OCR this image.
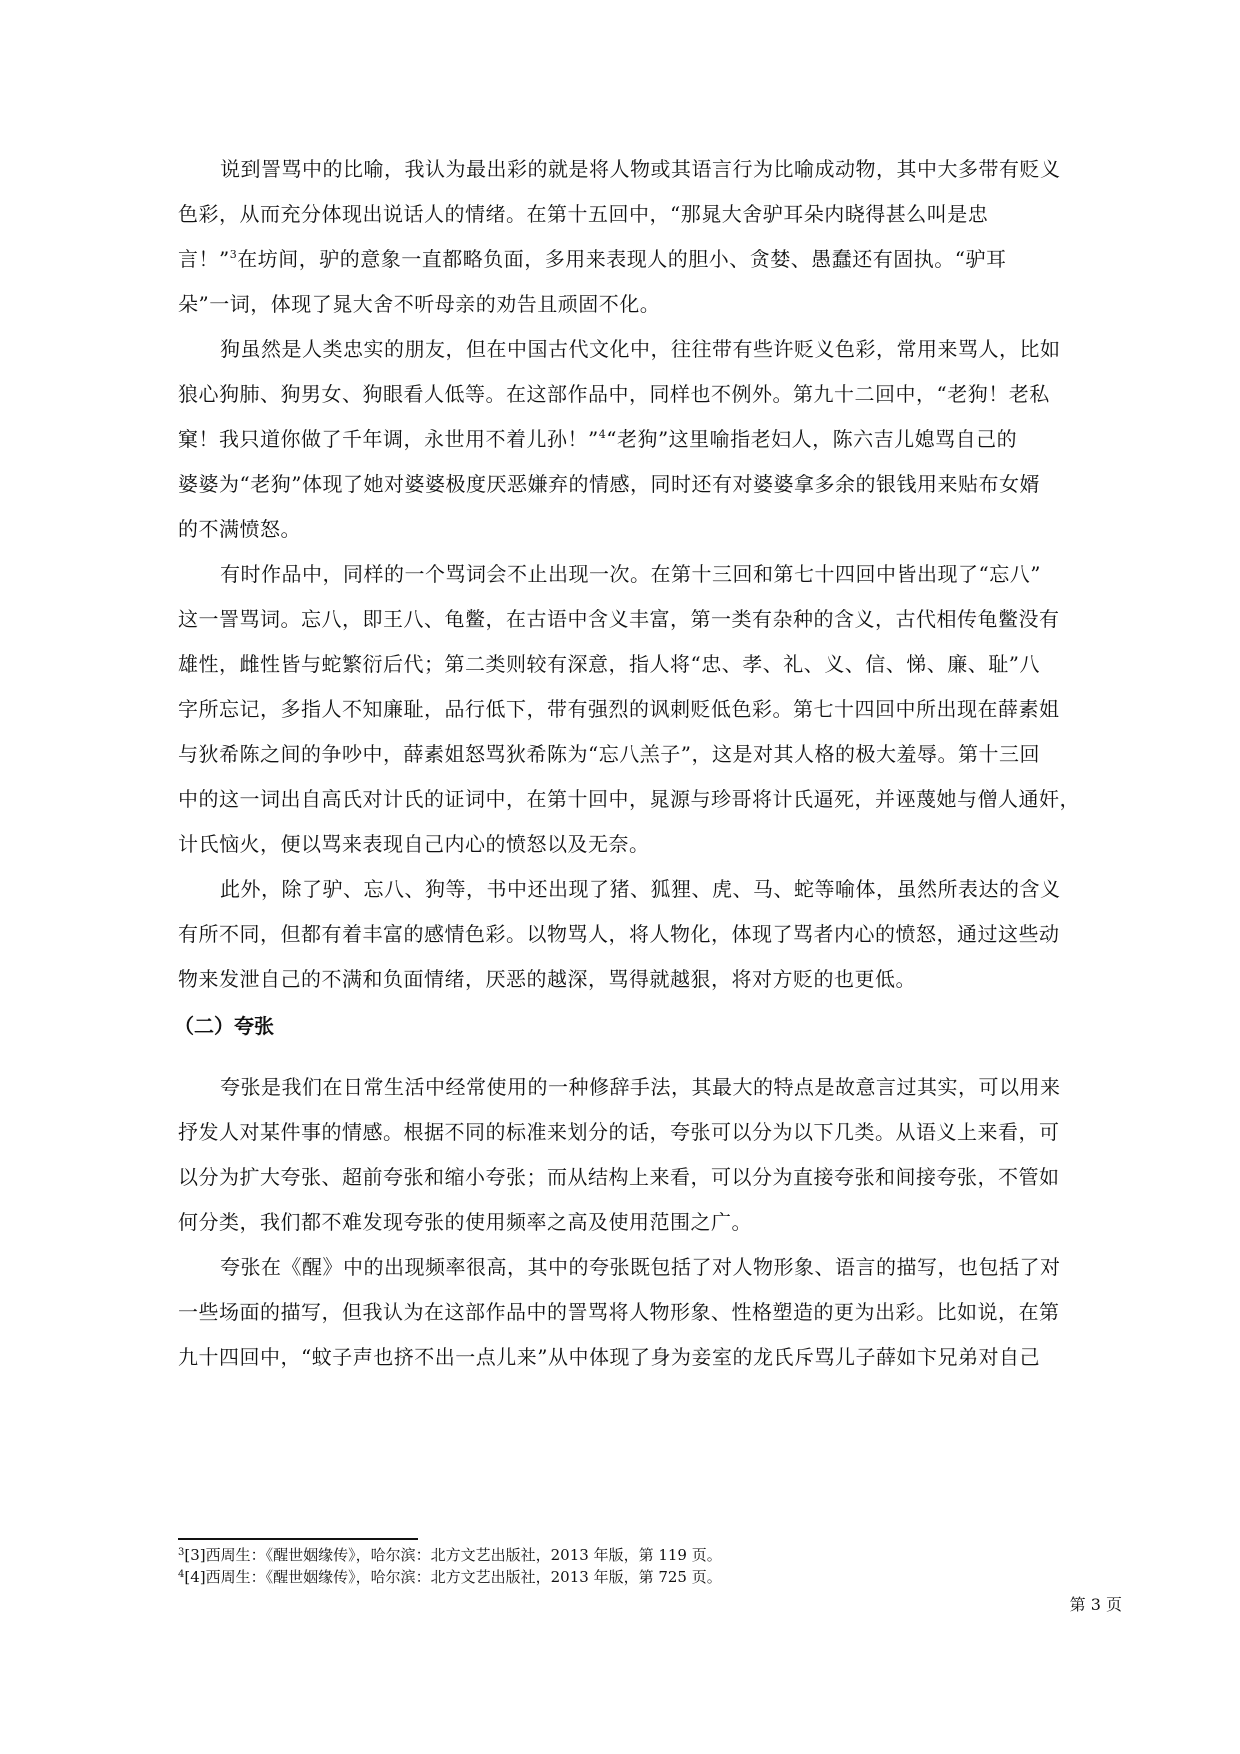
说到詈骂中的比喻，我认为最出彩的就是将人物或其语言行为比喻成动物，其中大多带有贬义
色彩，从而充分体现出说话人的情绪。在第十五回中，“那晁大舍驴耳朵内晓得甚么叫是忠
言！”$^3$在坊间，驴的意象一直都略负面，多用来表现人的胆小、贪婪、愚蠢还有固执。“驴耳
朵”一词，体现了晁大舍不听母亲的劝告且顽固不化。

狗虽然是人类忠实的朋友，但在中国古代文化中，往往带有些许贬义色彩，常用来骂人，比如
狼心狗肺、狗男女、狗眼看人低等。在这部作品中，同样也不例外。第九十二回中，“老狗！老私
窠！我只道你做了千年调，永世用不着儿孙！”$^4$“老狗”这里喻指老妇人，陈六吉儿媳骂自己的
婆婆为“老狗”体现了她对婆婆极度厌恶嫌弃的情感，同时还有对婆婆拿多余的银钱用来贴布女婿
的不满愤怒。

有时作品中，同样的一个骂词会不止出现一次。在第十三回和第七十四回中皆出现了“忘八”
这一詈骂词。忘八，即王八、龟鳖，在古语中含义丰富，第一类有杂种的含义，古代相传龟鳖没有
雄性，雌性皆与蛇繁衍后代；第二类则较有深意，指人将“忠、孝、礼、义、信、悌、廉、耻”八
字所忘记，多指人不知廉耻，品行低下，带有强烈的讽刺贬低色彩。第七十四回中所出现在薛素姐
与狄希陈之间的争吵中，薛素姐怒骂狄希陈为“忘八羔子”，这是对其人格的极大羞辱。第十三回
中的这一词出自高氏对计氏的证词中，在第十回中，晁源与珍哥将计氏逼死，并诬蔑她与僧人通奸，
计氏恼火，便以骂来表现自己内心的愤怒以及无奈。

此外，除了驴、忘八、狗等，书中还出现了猪、狐狸、虎、马、蛇等喻体，虽然所表达的含义
有所不同，但都有着丰富的感情色彩。以物骂人，将人物化，体现了骂者内心的愤怒，通过这些动
物来发泄自己的不满和负面情绪，厌恶的越深，骂得就越狠，将对方贬的也更低。

（二）夸张

夸张是我们在日常生活中经常使用的一种修辞手法，其最大的特点是故意言过其实，可以用来
抒发人对某件事的情感。根据不同的标准来划分的话，夸张可以分为以下几类。从语义上来看，可
以分为扩大夸张、超前夸张和缩小夸张；而从结构上来看，可以分为直接夸张和间接夸张，不管如
何分类，我们都不难发现夸张的使用频率之高及使用范围之广。

夸张在《醒》中的出现频率很高，其中的夸张既包括了对人物形象、语言的描写，也包括了对
一些场面的描写，但我认为在这部作品中的詈骂将人物形象、性格塑造的更为出彩。比如说，在第
九十四回中，“蚊子声也挤不出一点儿来”从中体现了身为妾室的龙氏斥骂儿子薛如卞兄弟对自己

$^3$[3]西周生：《醒世姻缘传》，哈尔滨：北方文艺出版社，2013 年版，第 119 页。
$^4$[4]西周生：《醒世姻缘传》，哈尔滨：北方文艺出版社，2013 年版，第 725 页。
第 3 页
